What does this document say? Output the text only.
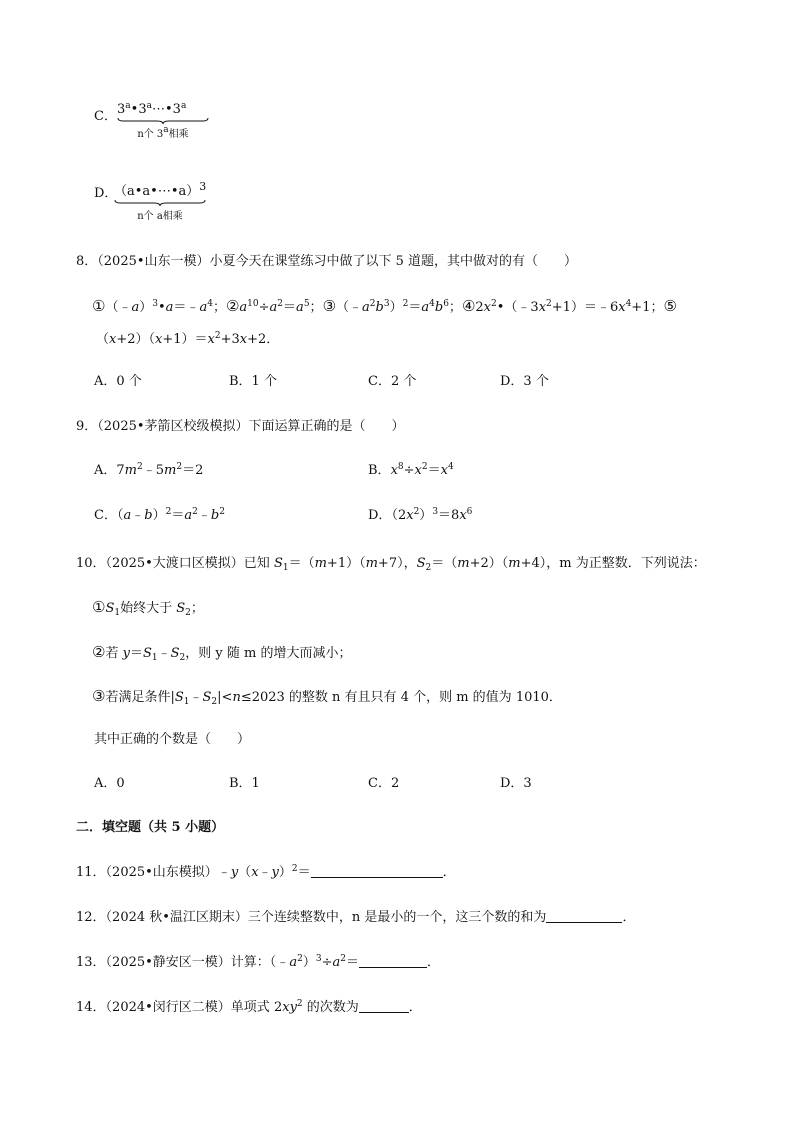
C． 3$^a$•3$^a$⋯•3$^a$
n个 3$^a$相乘
D．
（a•a•⋯•a）$^3$
n个 a相乘
8．（2025•山东一模）小夏今天在课堂练习中做了以下 5 道题，其中做对的有（　　）
$①(﹣a)^3•a=﹣a^4$；$②a^{10}\div a^2=a^5$；$③(﹣a^2b^3)^2=a^4b^6$；$④2x^2•(﹣3x^2+1)=﹣6x^4+1$；⑤
$(x+2)(x+1)=x^2+3x+2$．
A．0 个	B．1 个	C．2 个	D．3 个
9．（2025•茅箭区校级模拟）下面运算正确的是（　　）
A．$7m^2﹣5m^2=2$	B．$x^8\div x^2=x^4$
C．$(a﹣b)^2=a^2﹣b^2$	D．$(2x^2)^3=8x^6$
10．（2025•大渡口区模拟）已知 $S_1=(m+1)(m+7)$，$S_2=(m+2)(m+4)$，m 为正整数．下列说法：
$①S_1$始终大于 $S_2$；
②若 $y=S_1﹣S_2$，则 y 随 m 的增大而减小；
③若满足条件$|S_1﹣S_2|<n\le 2023$ 的整数 n 有且只有 4 个，则 m 的值为 1010．
其中正确的个数是（　　）
A．0	B．1	C．2	D．3
二．填空题（共 5 小题）
11．（2025•山东模拟）﹣y（x﹣y）$^2$＝	．
12．（2024 秋•温江区期末）三个连续整数中，n 是最小的一个，这三个数的和为	．
13．（2025•静安区一模）计算：$(﹣a^2)^3\div a^2=$	．
14．（2024•闵行区二模）单项式 $2xy^2$ 的次数为	．
